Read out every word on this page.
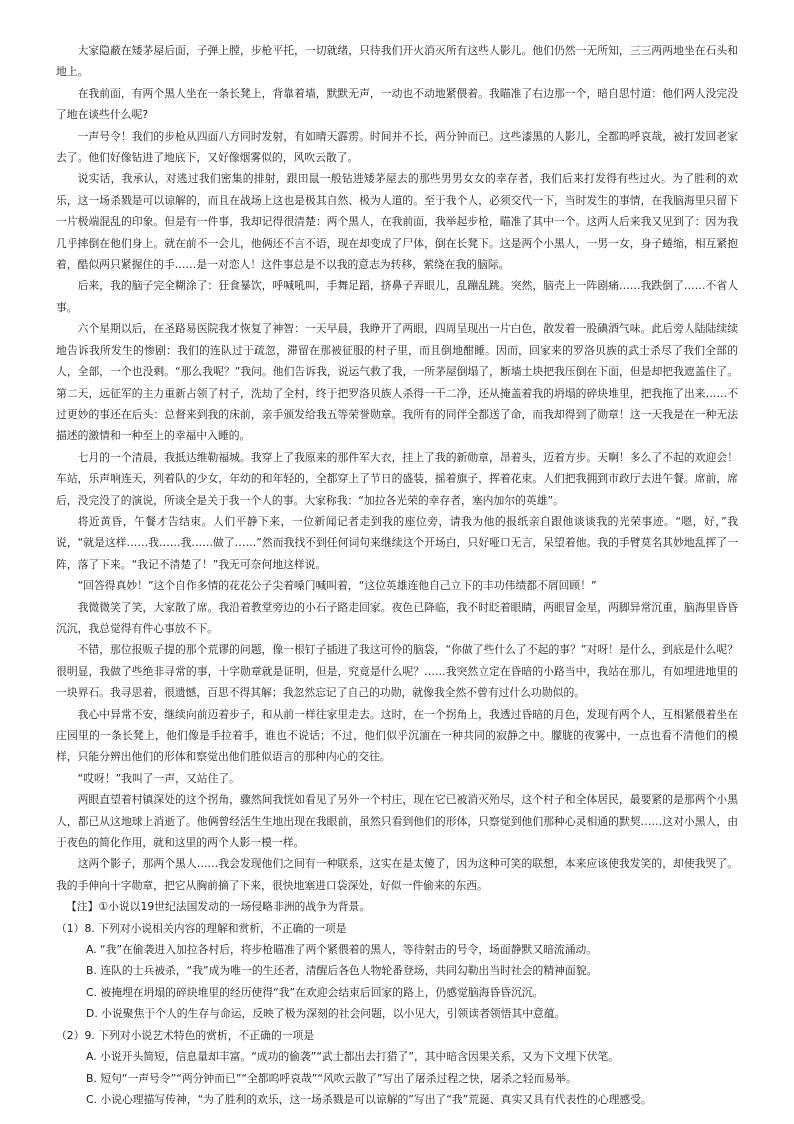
大家隐蔽在矮茅屋后面，子弹上膛，步枪平托，一切就绪，只待我们开火消灭所有这些人影儿。他们仍然一无所知，三三两两地坐在石头和地上。

在我前面，有两个黑人坐在一条长凳上，背靠着墙，默默无声，一动也不动地紧偎着。我瞄准了右边那一个，暗自思忖道：他们两人没完没了地在谈些什么呢?

一声号令！我们的步枪从四面八方同时发射，有如晴天霹雳。时间并不长，两分钟而已。这些漆黑的人影儿，全都呜呼哀哉，被打发回老家去了。他们好像钻进了地底下，又好像烟雾似的，风吹云散了。

说实话，我承认，对逃过我们密集的排射，跟田鼠一般钻进矮茅屋去的那些男男女女的幸存者，我们后来打发得有些过火。为了胜利的欢乐，这一场杀戮是可以谅解的，而且在战场上这也是极其自然、极为人道的。至于我个人，必须交代一下，当时发生的事情，在我脑海里只留下一片极端混乱的印象。但是有一件事，我却记得很清楚：两个黑人，在我前面，我举起步枪，瞄准了其中一个。这两人后来我又见到了：因为我几乎摔倒在他们身上。就在前不一会儿，他俩还不言不语，现在却变成了尸体，倒在长凳下。这是两个小黑人，一男一女，身子蜷缩，相互紧抱着，酷似两只紧握住的手……是一对恋人！这件事总是不以我的意志为转移，萦绕在我的脑际。

后来，我的脑子完全糊涂了：狂食暴饮，呼喊吼叫，手舞足蹈，挤鼻子弄眼儿，乱蹦乱跳。突然，脑壳上一阵剧痛……我跌倒了……不省人事。

六个星期以后，在圣路易医院我才恢复了神智：一天早晨，我睁开了两眼，四周呈现出一片白色，散发着一股碘酒气味。此后旁人陆陆续续地告诉我所发生的惨剧：我们的连队过于疏忽，滞留在那被征服的村子里，而且倒地酣睡。因而，回家来的罗洛贝族的武士杀尽了我们全部的人，全部，一个也没剩。“那么我呢？”我问。他们告诉我，说运气救了我，一所茅屋倒塌了，断墙土块把我压倒在下面，但是却把我遮盖住了。第二天，远征军的主力重新占领了村子，洗劫了全村，终于把罗洛贝族人杀得一干二净，还从掩盖着我的坍塌的碎块堆里，把我拖了出来……不过更妙的事还在后头：总督来到我的床前，亲手颁发给我五等荣誉勋章。我所有的同伴全都送了命，而我却得到了勋章！这一天我是在一种无法描述的激情和一种至上的幸福中入睡的。

七月的一个清晨，我抵达维勒福城。我穿上了我原来的那件军大衣，挂上了我的新勋章，昂着头，迈着方步。天啊！多么了不起的欢迎会！车站，乐声响连天，列着队的少女，年幼的和年轻的，全都穿上了节日的盛装，摇着旗子，挥着花束。人们把我拥到市政厅去进午餐。席前，席后，没完没了的演说，所谈全是关于我一个人的事。大家称我：“加拉各光荣的幸存者，塞内加尔的英雄”。

将近黄昏，午餐才告结束。人们平静下来，一位新闻记者走到我的座位旁，请我为他的报纸亲自跟他谈谈我的光荣事迹。“嗯，好，”我说，“就是这样……我……我……做了……”然而我找不到任何词句来继续这个开场白，只好哑口无言，呆望着他。我的手臂莫名其妙地乱挥了一阵，落了下来。“我记不清楚了！”我无可奈何地这样说。

“回答得真妙！”这个自作多情的花花公子尖着嗓门喊叫着，“这位英雄连他自己立下的丰功伟绩都不屑回顾！”

我微微笑了笑，大家散了席。我沿着教堂旁边的小石子路走回家。夜色已降临，我不时眨着眼睛，两眼冒金星，两脚异常沉重，脑海里昏昏沉沉，我总觉得有件心事放不下。

不错，那位报贩子提的那个荒谬的问题，像一根钉子插进了我这可怜的脑袋，“你做了些什么了不起的事？”对呀！是什么，到底是什么呢？很明显，我做了些绝非寻常的事，十字勋章就是证明，但是，究竟是什么呢？……我突然立定在昏暗的小路当中，我站在那儿，有如埋进地里的一块界石。我寻思着，很遗憾，百思不得其解；我忽然忘记了自己的功勋，就像我全然不曾有过什么功勋似的。

我心中异常不安，继续向前迈着步子，和从前一样往家里走去。这时，在一个拐角上，我透过昏暗的月色，发现有两个人，互相紧偎着坐在庄园里的一条长凳上，他们像是手拉着手，谁也不说话；不过，他们似乎沉湎在一种共同的寂静之中。朦胧的夜雾中，一点也看不清他们的模样，只能分辨出他们的形体和察觉出他们胜似语言的那种内心的交往。

“哎呀！”我叫了一声，又站住了。

两眼直望着村镇深处的这个拐角，骤然间我恍如看见了另外一个村庄，现在它已被消灭殆尽，这个村子和全体居民，最要紧的是那两个小黑人，都已从这地球上消逝了。他俩曾经活生生地出现在我眼前，虽然只看到他们的形体，只察觉到他们那种心灵相通的默契……这对小黑人，由于夜色的简化作用，就和这里的两个人影一模一样。

这两个影子，那两个黑人……我会发现他们之间有一种联系，这实在是太傻了，因为这种可笑的联想，本来应该使我发笑的，却使我哭了。我的手伸向十字勋章，把它从胸前摘了下来，很快地塞进口袋深处，好似一件偷来的东西。

【注】①小说以19世纪法国发动的一场侵略非洲的战争为背景。

（1）8. 下列对小说相关内容的理解和赏析，不正确的一项是

A. “我”在偷袭进入加拉各村后，将步枪瞄准了两个紧偎着的黑人，等待射击的号令，场面静默又暗流涌动。

B. 连队的士兵被杀，“我”成为唯一的生还者，清醒后各色人物轮番登场，共同勾勒出当时社会的精神面貌。

C. 被掩埋在坍塌的碎块堆里的经历使得“我”在欢迎会结束后回家的路上，仍感觉脑海昏昏沉沉。

D. 小说聚焦于个人的生存与命运，反映了极为深刻的社会问题，以小见大，引领读者领悟其中意蕴。

（2）9. 下列对小说艺术特色的赏析，不正确的一项是

A. 小说开头简短，信息量却丰富。“成功的偷袭”“武士都出去打猎了”，其中暗含因果关系，又为下文埋下伏笔。

B. 短句“一声号令”“两分钟而已”“全都呜呼哀哉”“风吹云散了”写出了屠杀过程之快，屠杀之轻而易举。

C. 小说心理描写传神，“为了胜利的欢乐，这一场杀戮是可以谅解的”写出了“我”荒诞、真实又具有代表性的心理感受。
